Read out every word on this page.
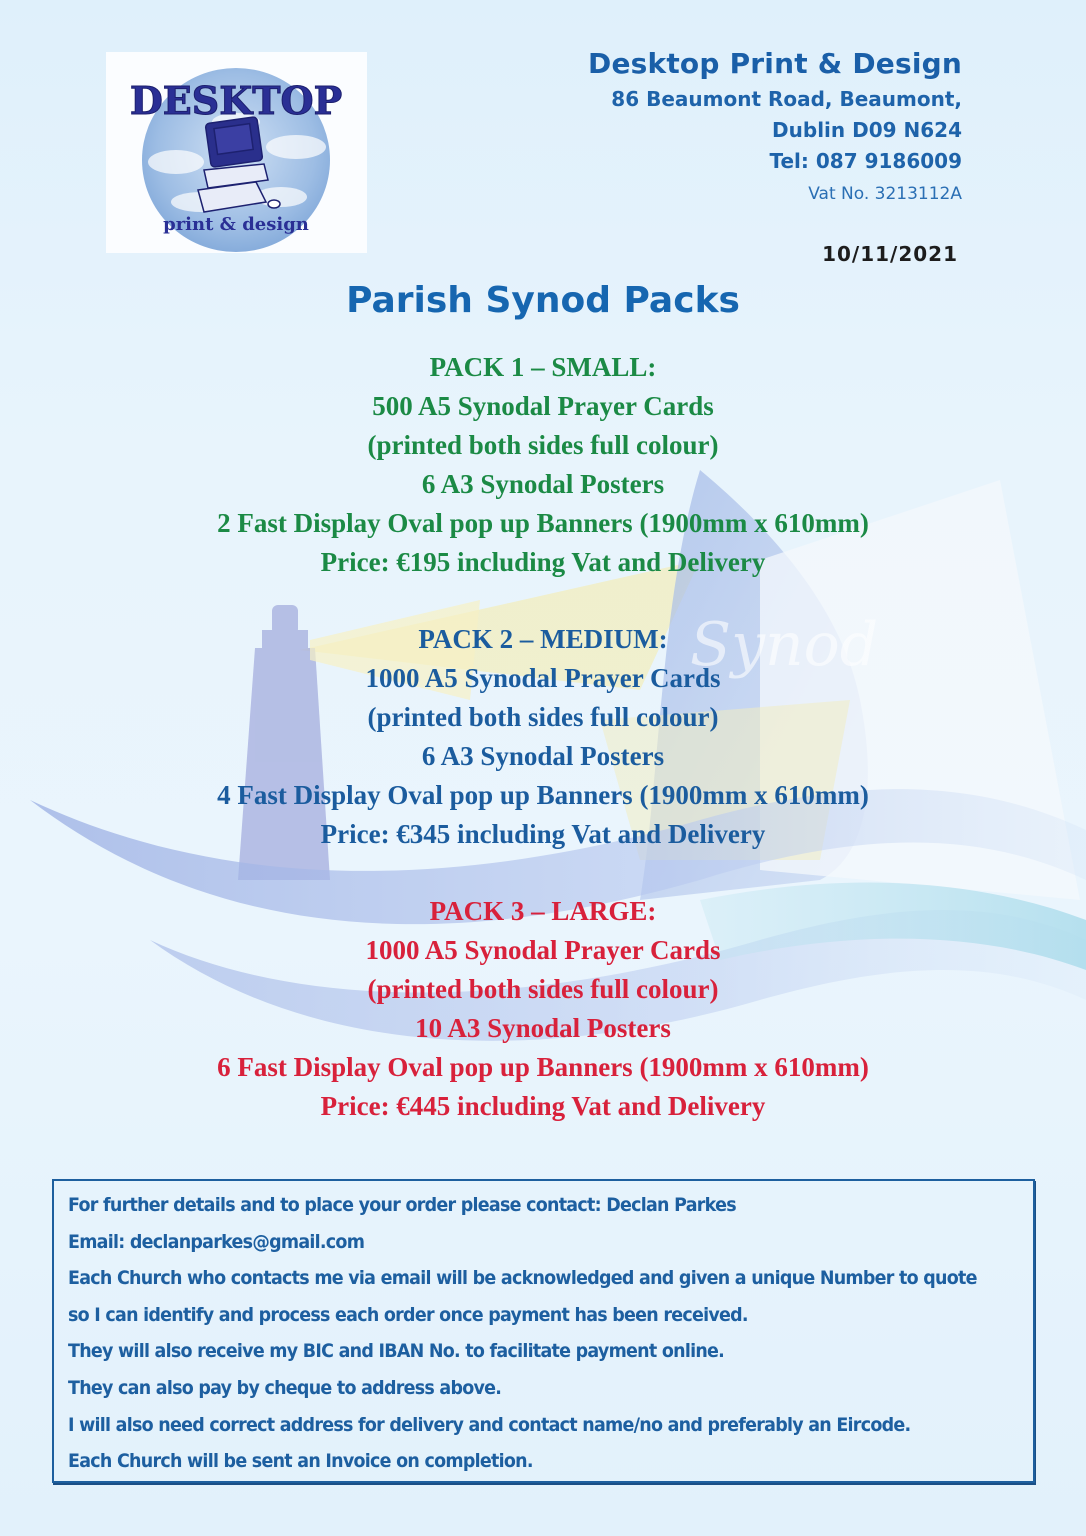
Synod
DESKTOP
print & design
Desktop Print & Design
86 Beaumont Road, Beaumont,
Dublin D09 N624
Tel: 087 9186009
Vat No. 3213112A
10/11/2021
Parish Synod Packs
PACK 1 – SMALL:
500 A5 Synodal Prayer Cards
(printed both sides full colour)
6 A3 Synodal Posters
2 Fast Display Oval pop up Banners (1900mm x 610mm)
Price: €195 including Vat and Delivery
PACK 2 – MEDIUM:
1000 A5 Synodal Prayer Cards
(printed both sides full colour)
6 A3 Synodal Posters
4 Fast Display Oval pop up Banners (1900mm x 610mm)
Price: €345 including Vat and Delivery
PACK 3 – LARGE:
1000 A5 Synodal Prayer Cards
(printed both sides full colour)
10 A3 Synodal Posters
6 Fast Display Oval pop up Banners (1900mm x 610mm)
Price: €445 including Vat and Delivery
For further details and to place your order please contact: Declan Parkes
Email: declanparkes@gmail.com
Each Church who contacts me via email will be acknowledged and given a unique Number to quote
so I can identify and process each order once payment has been received.
They will also receive my BIC and IBAN No. to facilitate payment online.
They can also pay by cheque to address above.
I will also need correct address for delivery and contact name/no and preferably an Eircode.
Each Church will be sent an Invoice on completion.
